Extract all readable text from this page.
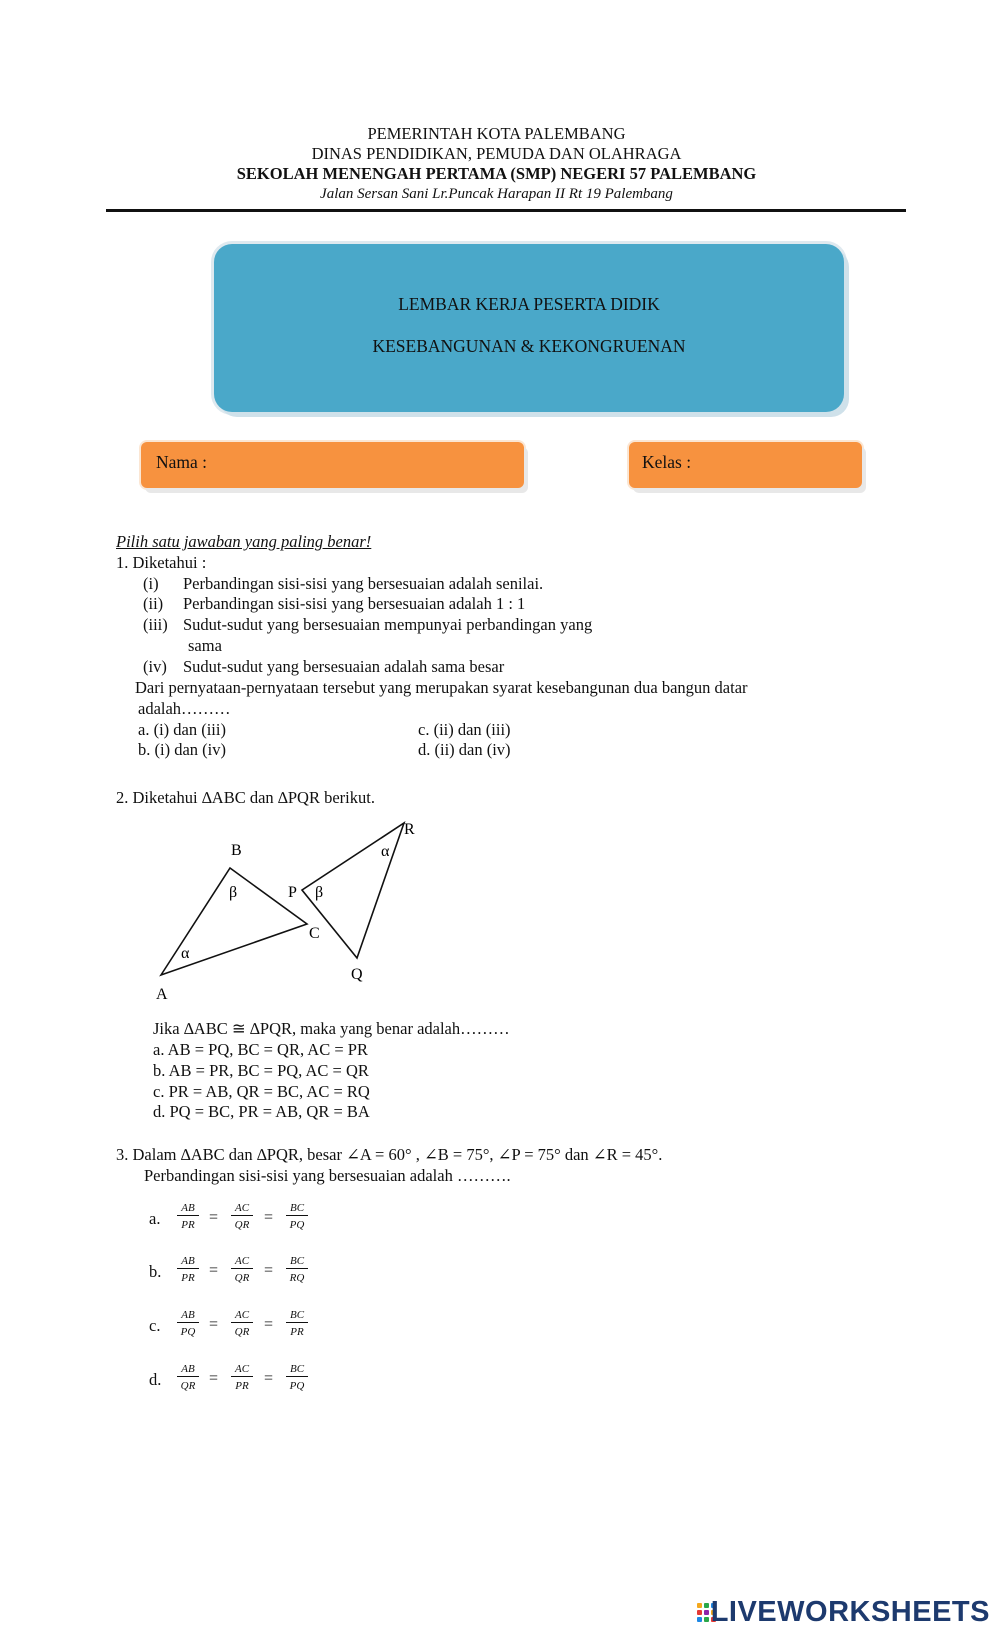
PEMERINTAH KOTA PALEMBANG
DINAS PENDIDIKAN, PEMUDA DAN OLAHRAGA
SEKOLAH MENENGAH PERTAMA (SMP) NEGERI 57 PALEMBANG
Jalan Sersan Sani Lr.Puncak Harapan II Rt 19 Palembang
LEMBAR KERJA PESERTA DIDIK
KESEBANGUNAN & KEKONGRUENAN
Nama :	Kelas :
Pilih satu jawaban yang paling benar!
1. Diketahui :
(i) Perbandingan sisi-sisi yang bersesuaian adalah senilai.
(ii) Perbandingan sisi-sisi yang bersesuaian adalah 1 : 1
(iii) Sudut-sudut yang bersesuaian mempunyai perbandingan yang
sama
(iv) Sudut-sudut yang bersesuaian adalah sama besar
Dari pernyataan-pernyataan tersebut yang merupakan syarat kesebangunan dua bangun datar
adalah………
a. (i) dan (iii)	c. (ii) dan (iii)
b. (i) dan (iv)	d. (ii) dan (iv)
2. Diketahui ∆ABC dan ∆PQR berikut.
B
β	P β
C
α
A
Q
R
α
Jika ∆ABC ≅ ∆PQR, maka yang benar adalah………
a. AB = PQ, BC = QR, AC = PR
b. AB = PR, BC = PQ, AC = QR
c. PR = AB, QR = BC, AC = RQ
d. PQ = BC, PR = AB, QR = BA
3. Dalam ∆ABC dan ∆PQR, besar ∠A = 60° , ∠B = 75°, ∠P = 75° dan ∠R = 45°.
Perbandingan sisi-sisi yang bersesuaian adalah ……….
a. $\frac{AB}{PR} = \frac{AC}{QR} = \frac{BC}{PQ}$
b. $\frac{AB}{PR} = \frac{AC}{QR} = \frac{BC}{RQ}$
c. $\frac{AB}{PQ} = \frac{AC}{QR} = \frac{BC}{PR}$
d. $\frac{AB}{QR} = \frac{AC}{PR} = \frac{BC}{PQ}$
LIVEWORKSHEETS
